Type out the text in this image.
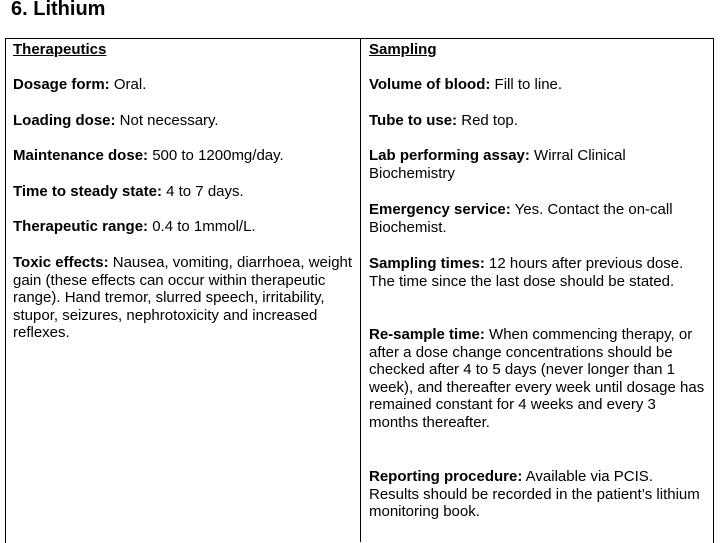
6. Lithium
Therapeutics
Dosage form: Oral.
Loading dose: Not necessary.
Maintenance dose: 500 to 1200mg/day.
Time to steady state: 4 to 7 days.
Therapeutic range: 0.4 to 1mmol/L.
Toxic effects: Nausea, vomiting, diarrhoea, weight gain (these effects can occur within therapeutic range). Hand tremor, slurred speech, irritability, stupor, seizures, nephrotoxicity and increased reflexes.
Sampling
Volume of blood: Fill to line.
Tube to use: Red top.
Lab performing assay: Wirral Clinical Biochemistry
Emergency service: Yes. Contact the on-call Biochemist.
Sampling times: 12 hours after previous dose. The time since the last dose should be stated.
Re-sample time: When commencing therapy, or after a dose change concentrations should be checked after 4 to 5 days (never longer than 1 week), and thereafter every week until dosage has remained constant for 4 weeks and every 3 months thereafter.
Reporting procedure: Available via PCIS. Results should be recorded in the patient’s lithium monitoring book.
